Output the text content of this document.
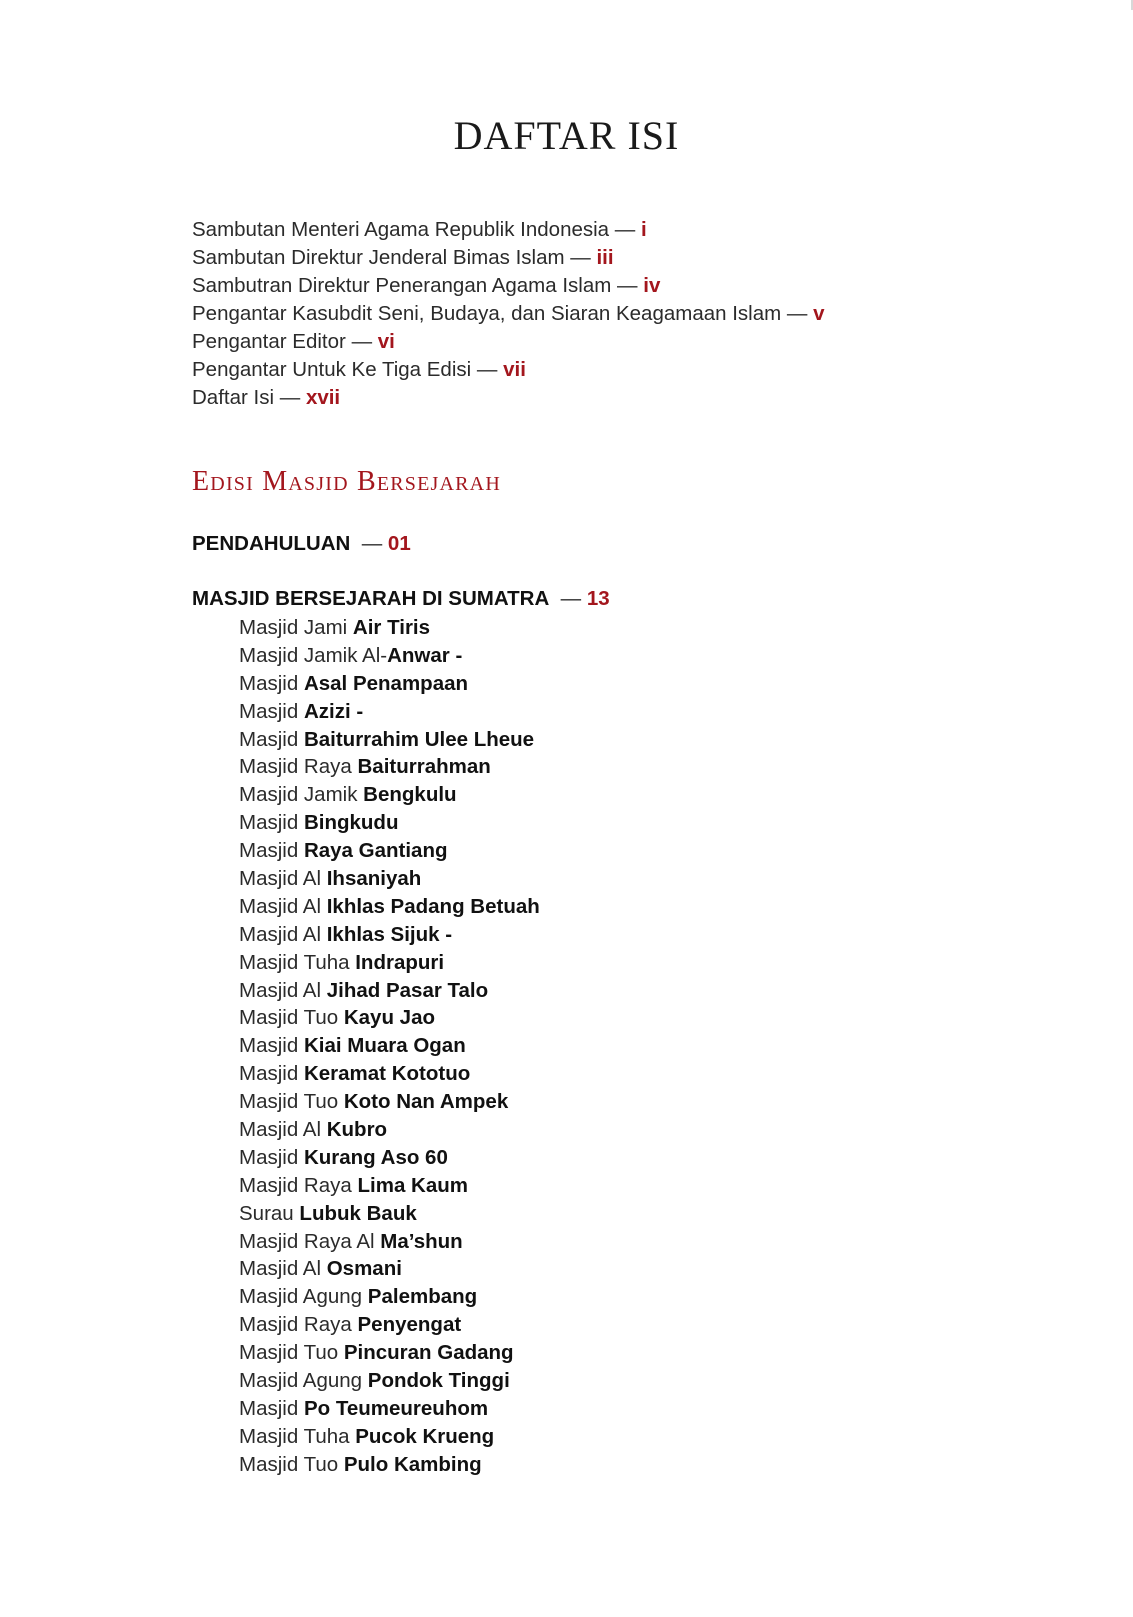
DAFTAR ISI
Sambutan Menteri Agama Republik Indonesia — i
Sambutan Direktur Jenderal Bimas Islam — iii
Sambutran Direktur Penerangan Agama Islam — iv
Pengantar Kasubdit Seni, Budaya, dan Siaran Keagamaan Islam — v
Pengantar Editor — vi
Pengantar Untuk Ke Tiga Edisi — vii
Daftar Isi — xvii
Edisi Masjid Bersejarah
PENDAHULUAN — 01
MASJID BERSEJARAH DI SUMATRA — 13
Masjid Jami Air Tiris
Masjid Jamik Al-Anwar -
Masjid Asal Penampaan
Masjid Azizi -
Masjid Baiturrahim Ulee Lheue
Masjid Raya Baiturrahman
Masjid Jamik Bengkulu
Masjid Bingkudu
Masjid Raya Gantiang
Masjid Al Ihsaniyah
Masjid Al Ikhlas Padang Betuah
Masjid Al Ikhlas Sijuk -
Masjid Tuha Indrapuri
Masjid Al Jihad Pasar Talo
Masjid Tuo Kayu Jao
Masjid Kiai Muara Ogan
Masjid Keramat Kototuo
Masjid Tuo Koto Nan Ampek
Masjid Al Kubro
Masjid Kurang Aso 60
Masjid Raya Lima Kaum
Surau Lubuk Bauk
Masjid Raya Al Ma’shun
Masjid Al Osmani
Masjid Agung Palembang
Masjid Raya Penyengat
Masjid Tuo Pincuran Gadang
Masjid Agung Pondok Tinggi
Masjid Po Teumeureuhom
Masjid Tuha Pucok Krueng
Masjid Tuo Pulo Kambing
